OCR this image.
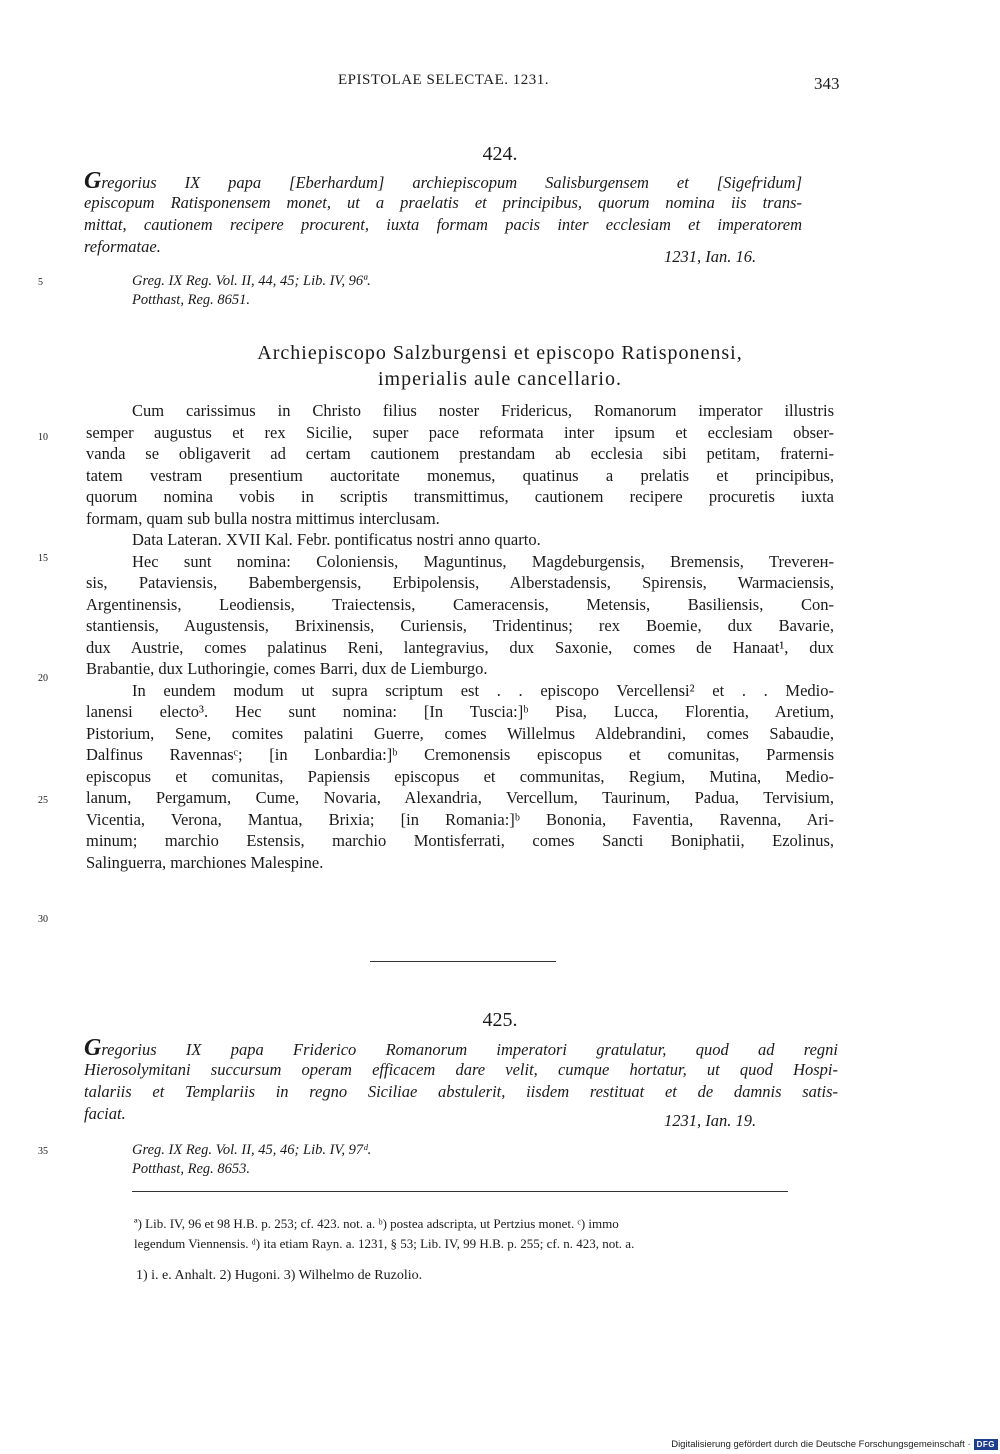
EPISTOLAE SELECTAE. 1231.	343
424.
Gregorius IX papa [Eberhardum] archiepiscopum Salisburgensem et [Sigefridum]
episcopum Ratisponensem monet, ut a praelatis et principibus, quorum nomina iis trans-
mittat, cautionem recipere procurent, iuxta formam pacis inter ecclesiam et imperatorem
reformatae.
1231, Ian. 16.
Greg. IX Reg. Vol. II, 44, 45; Lib. IV, 96ª.
Potthast, Reg. 8651.
Archiepiscopo Salzburgensi et episcopo Ratisponensi,
imperialis aule cancellario.
Cum carissimus in Christo filius noster Fridericus, Romanorum imperator illustris
semper augustus et rex Sicilie, super pace reformata inter ipsum et ecclesiam obser-
vanda se obligaverit ad certam cautionem prestandam ab ecclesia sibi petitam, fraterni-
tatem vestram presentium auctoritate monemus, quatinus a prelatis et principibus,
quorum nomina vobis in scriptis transmittimus, cautionem recipere procuretis iuxta
formam, quam sub bulla nostra mittimus interclusam.
Data Lateran. XVII Kal. Febr. pontificatus nostri anno quarto.
Hec sunt nomina: Coloniensis, Maguntinus, Magdeburgensis, Bremensis, Treverен-
sis, Pataviensis, Babembergensis, Erbipolensis, Alberstadensis, Spirensis, Warmaciensis,
Argentinensis, Leodiensis, Traiectensis, Cameracensis, Metensis, Basiliensis, Con-
stantiensis, Augustensis, Brixinensis, Curiensis, Tridentinus; rex Boemie, dux Bavarie,
dux Austrie, comes palatinus Reni, lantegravius, dux Saxonie, comes de Hanaat¹, dux
Brabantie, dux Luthoringie, comes Barri, dux de Liemburgo.
In eundem modum ut supra scriptum est . . episcopo Vercellensi² et . . Medio-
lanensi electo³. Hec sunt nomina: [In Tuscia:]ᵇ Pisa, Lucca, Florentia, Aretium,
Pistorium, Sene, comites palatini Guerre, comes Willelmus Aldebrandini, comes Sabaudie,
Dalfinus Ravennasᶜ; [in Lonbardia:]ᵇ Cremonensis episcopus et comunitas, Parmensis
episcopus et comunitas, Papiensis episcopus et communitas, Regium, Mutina, Medio-
lanum, Pergamum, Cume, Novaria, Alexandria, Vercellum, Taurinum, Padua, Tervisium,
Vicentia, Verona, Mantua, Brixia; [in Romania:]ᵇ Bononia, Faventia, Ravenna, Ari-
minum; marchio Estensis, marchio Montisferrati, comes Sancti Boniphatii, Ezolinus,
Salinguerra, marchiones Malespine.
425.
Gregorius IX papa Friderico Romanorum imperatori gratulatur, quod ad regni
Hierosolymitani succursum operam efficacem dare velit, cumque hortatur, ut quod Hospi-
talariis et Templariis in regno Siciliae abstulerit, iisdem restituat et de damnis satis-
faciat.	1231, Ian. 19.
Greg. IX Reg. Vol. II, 45, 46; Lib. IV, 97ᵈ.
Potthast, Reg. 8653.
ª) Lib. IV, 96 et 98 H.B. p. 253; cf. 423. not. a. ᵇ) postea adscripta, ut Pertzius monet. ᶜ) immo
legendum Viennensis. ᵈ) ita etiam Rayn. a. 1231, § 53; Lib. IV, 99 H.B. p. 255; cf. n. 423, not. a.
1) i. e. Anhalt. 2) Hugoni. 3) Wilhelmo de Ruzolio.
5
10
15
20
25
30
35
Digitalisierung gefördert durch die Deutsche Forschungsgemeinschaft · DFG
